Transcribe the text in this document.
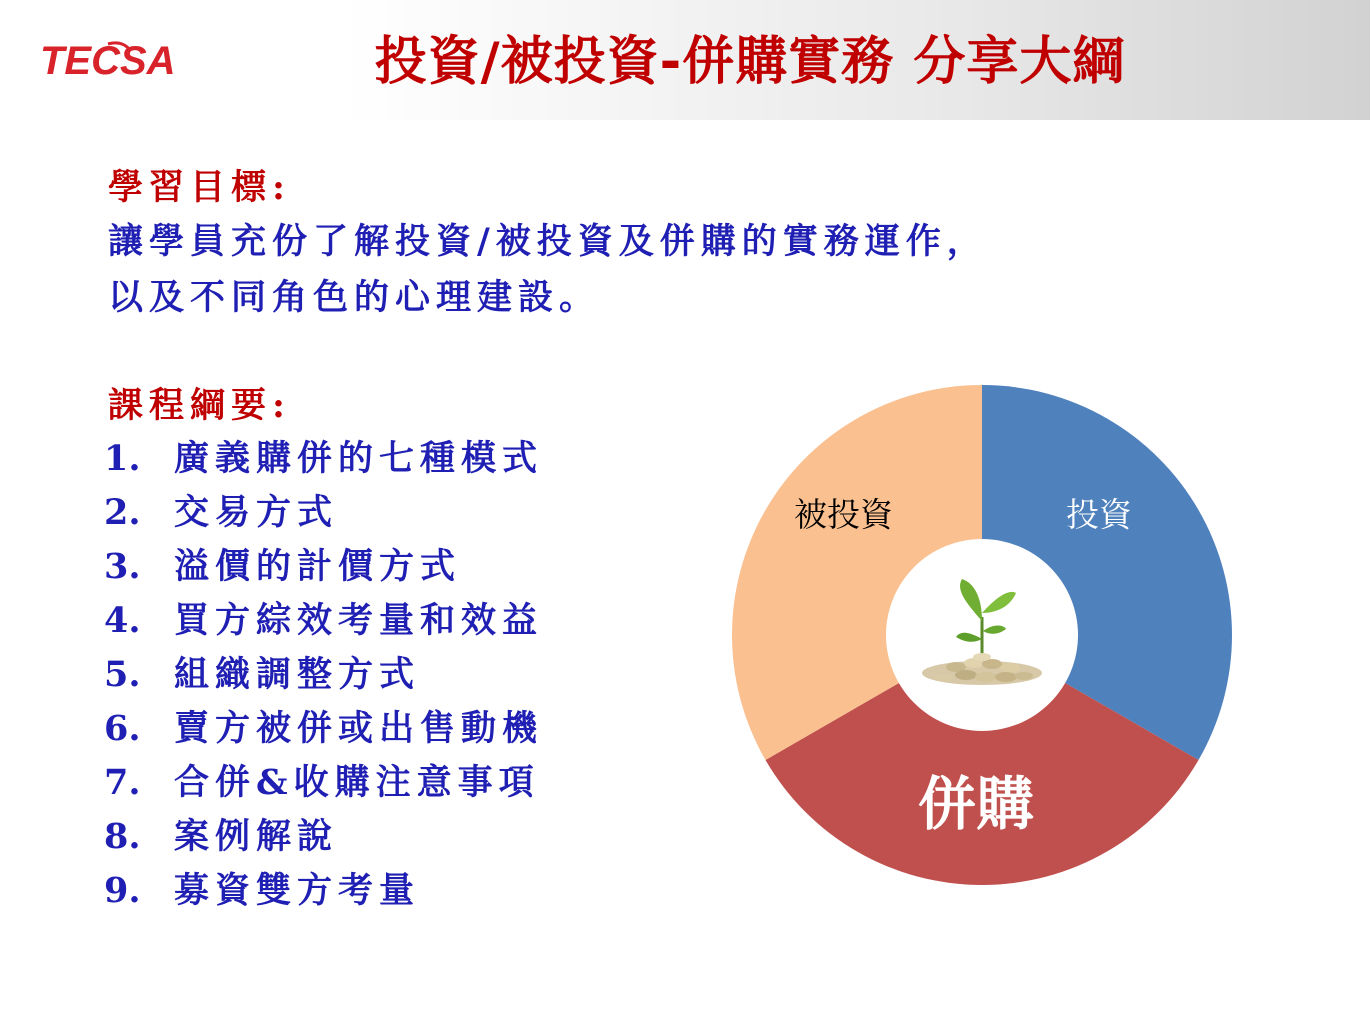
TECSA	投資/被投資-併購實務 分享大綱
學習目標:
讓學員充份了解投資/被投資及併購的實務運作，
以及不同角色的心理建設。
課程綱要:
1. 廣義購併的七種模式
2. 交易方式
3. 溢價的計價方式
4. 買方綜效考量和效益
5. 組織調整方式
6. 賣方被併或出售動機
7. 合併&收購注意事項
8. 案例解說
9. 募資雙方考量
被投資	投資
併購
